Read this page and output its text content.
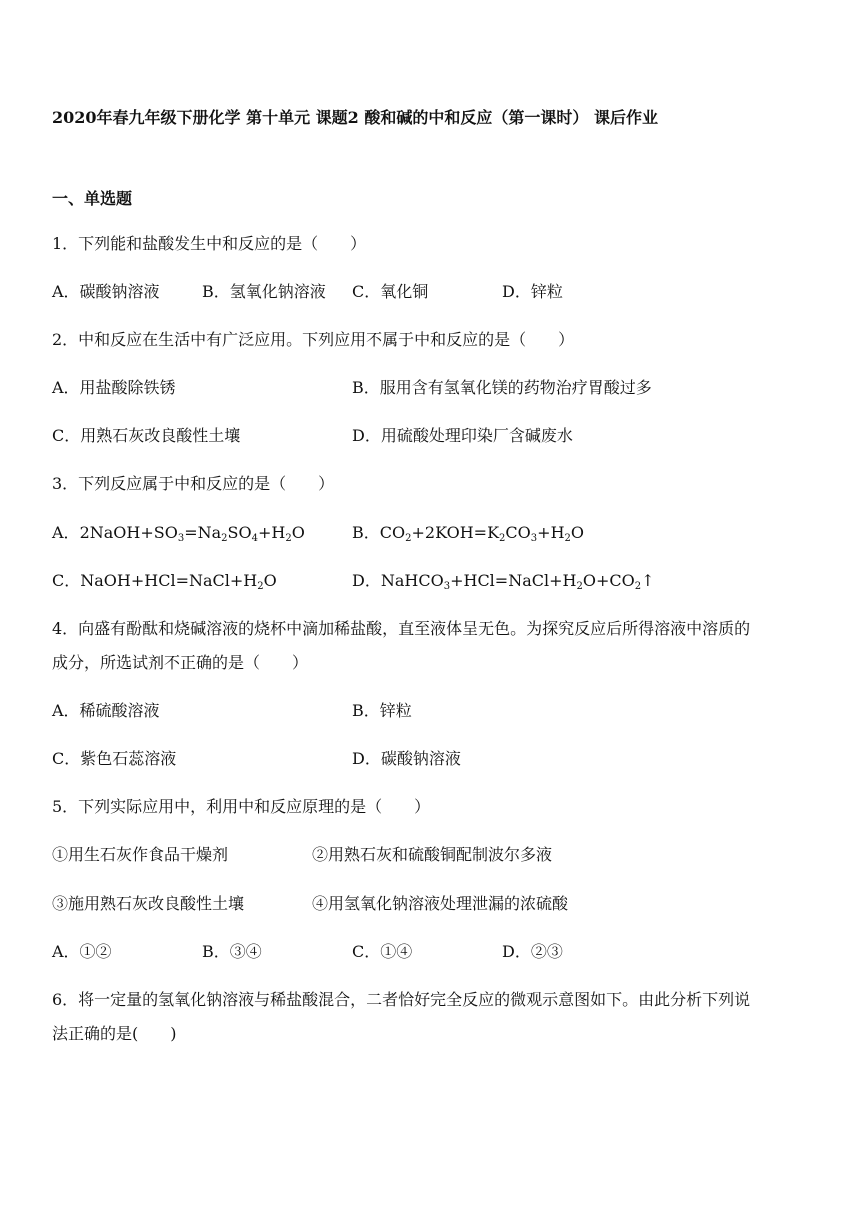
2020年春九年级下册化学 第十单元 课题2 酸和碱的中和反应（第一课时） 课后作业
一、单选题
1．下列能和盐酸发生中和反应的是（　　）
A．碳酸钠溶液	B．氢氧化钠溶液 C．氧化铜	D．锌粒
2．中和反应在生活中有广泛应用。下列应用不属于中和反应的是（　　）
A．用盐酸除铁锈	B．服用含有氢氧化镁的药物治疗胃酸过多
C．用熟石灰改良酸性土壤	D．用硫酸处理印染厂含碱废水
3．下列反应属于中和反应的是（　　）
A．$2NaOH+SO_3=Na_2SO_4+H_2O$	B．$CO_2+2KOH=K_2CO_3+H_2O$
C．$NaOH+HCl=NaCl+H_2O$	D．$NaHCO_3+HCl=NaCl+H_2O+CO_2↑$
4．向盛有酚酞和烧碱溶液的烧杯中滴加稀盐酸，直至液体呈无色。为探究反应后所得溶液中溶质的
成分，所选试剂不正确的是（　　）
A．稀硫酸溶液	B．锌粒
C．紫色石蕊溶液	D．碳酸钠溶液
5．下列实际应用中，利用中和反应原理的是（　　）
①用生石灰作食品干燥剂	②用熟石灰和硫酸铜配制波尔多液
③施用熟石灰改良酸性土壤	④用氢氧化钠溶液处理泄漏的浓硫酸
A．①②	B．③④	C．①④	D．②③
6．将一定量的氢氧化钠溶液与稀盐酸混合，二者恰好完全反应的微观示意图如下。由此分析下列说
法正确的是(　　)
